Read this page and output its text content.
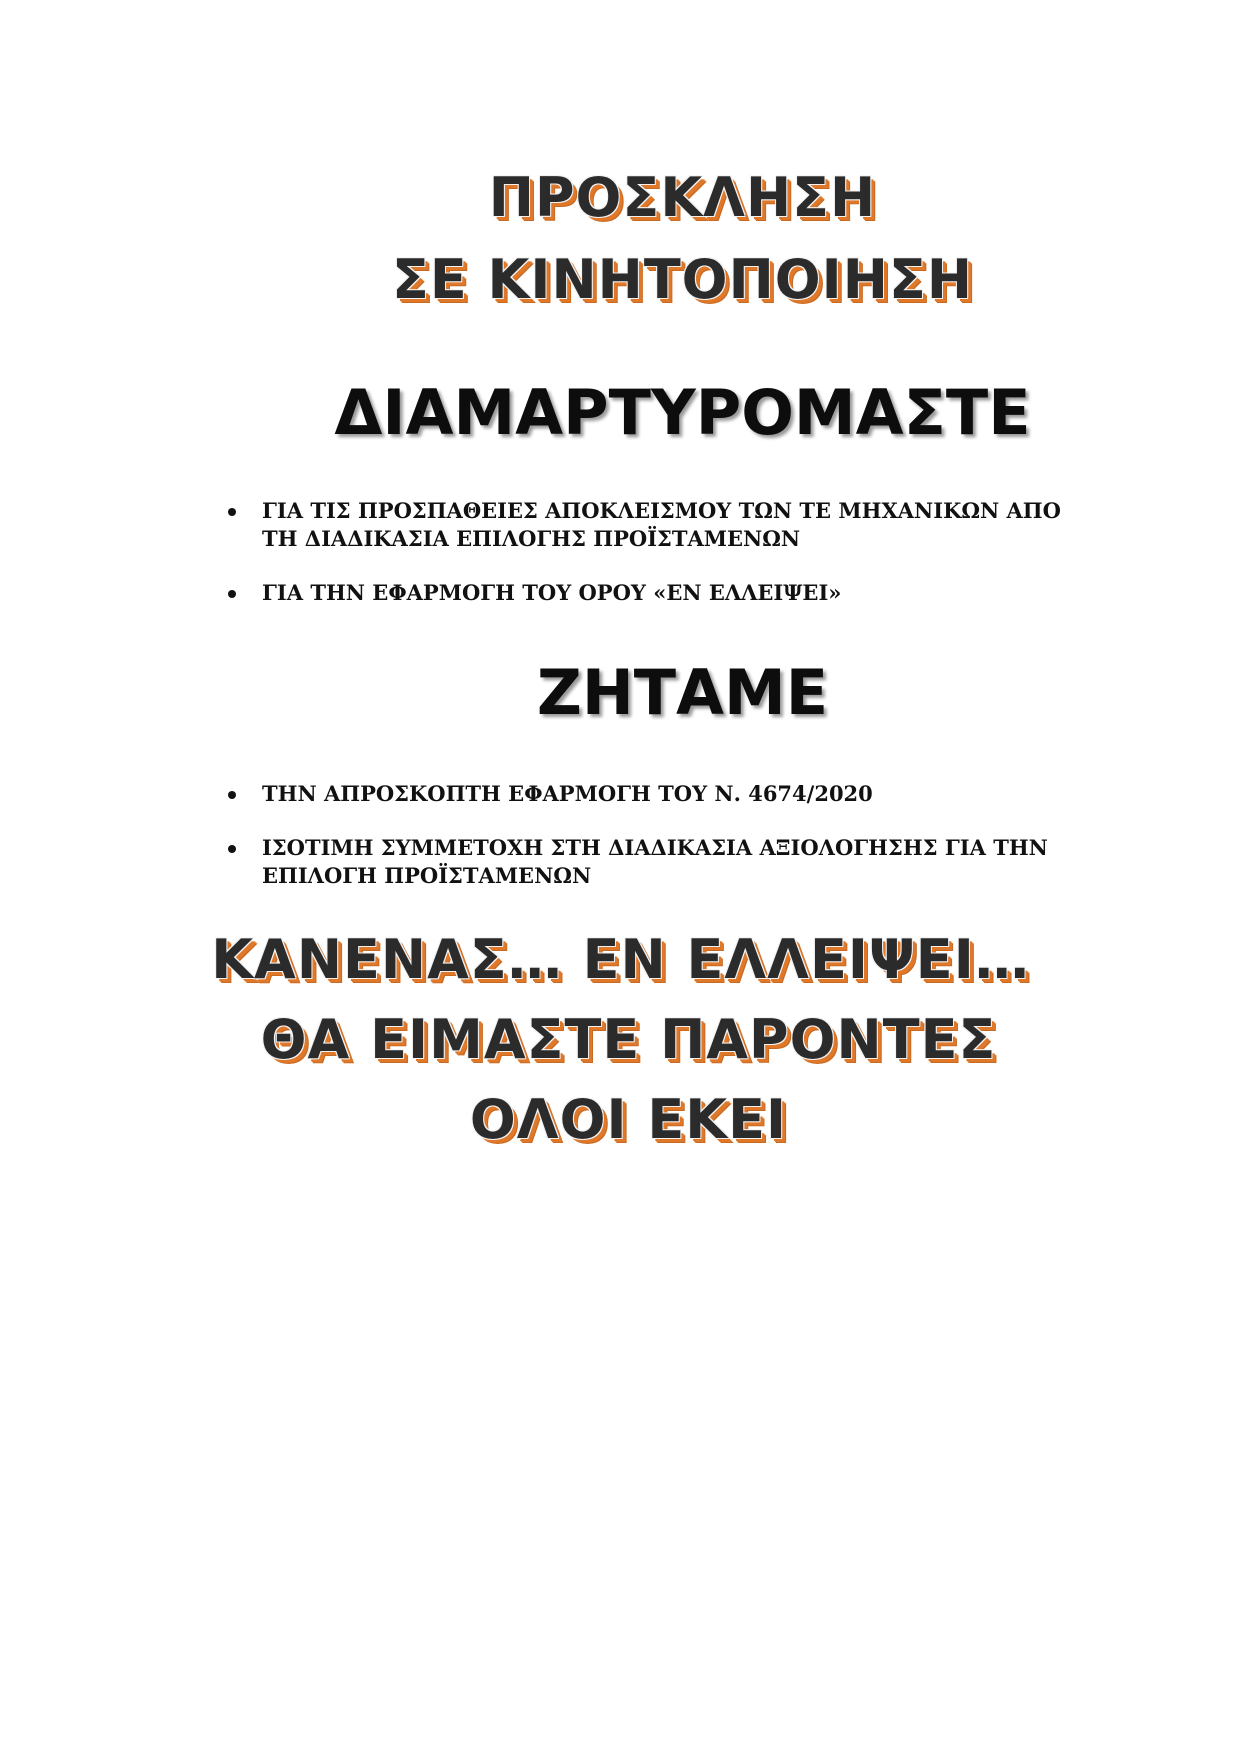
ΠΡΟΣΚΛΗΣΗ
ΣΕ ΚΙΝΗΤΟΠΟΙΗΣΗ
ΔΙΑΜΑΡΤΥΡΟΜΑΣΤΕ
ΓΙΑ ΤΙΣ ΠΡΟΣΠΑΘΕΙΕΣ ΑΠΟΚΛΕΙΣΜΟΥ ΤΩΝ ΤΕ ΜΗΧΑΝΙΚΩΝ ΑΠΟ ΤΗ ΔΙΑΔΙΚΑΣΙΑ ΕΠΙΛΟΓΗΣ ΠΡΟΪΣΤΑΜΕΝΩΝ
ΓΙΑ ΤΗΝ ΕΦΑΡΜΟΓΗ ΤΟΥ ΟΡΟΥ «ΕΝ ΕΛΛΕΙΨΕΙ»
ΖΗΤΑΜΕ
ΤΗΝ ΑΠΡΟΣΚΟΠΤΗ ΕΦΑΡΜΟΓΗ ΤΟΥ Ν. 4674/2020
ΙΣΟΤΙΜΗ ΣΥΜΜΕΤΟΧΗ ΣΤΗ ΔΙΑΔΙΚΑΣΙΑ ΑΞΙΟΛΟΓΗΣΗΣ ΓΙΑ ΤΗΝ ΕΠΙΛΟΓΗ ΠΡΟΪΣΤΑΜΕΝΩΝ
ΚΑΝΕΝΑΣ… ΕΝ ΕΛΛΕΙΨΕΙ…
ΘΑ ΕΙΜΑΣΤΕ ΠΑΡΟΝΤΕΣ
ΟΛΟΙ ΕΚΕΙ
